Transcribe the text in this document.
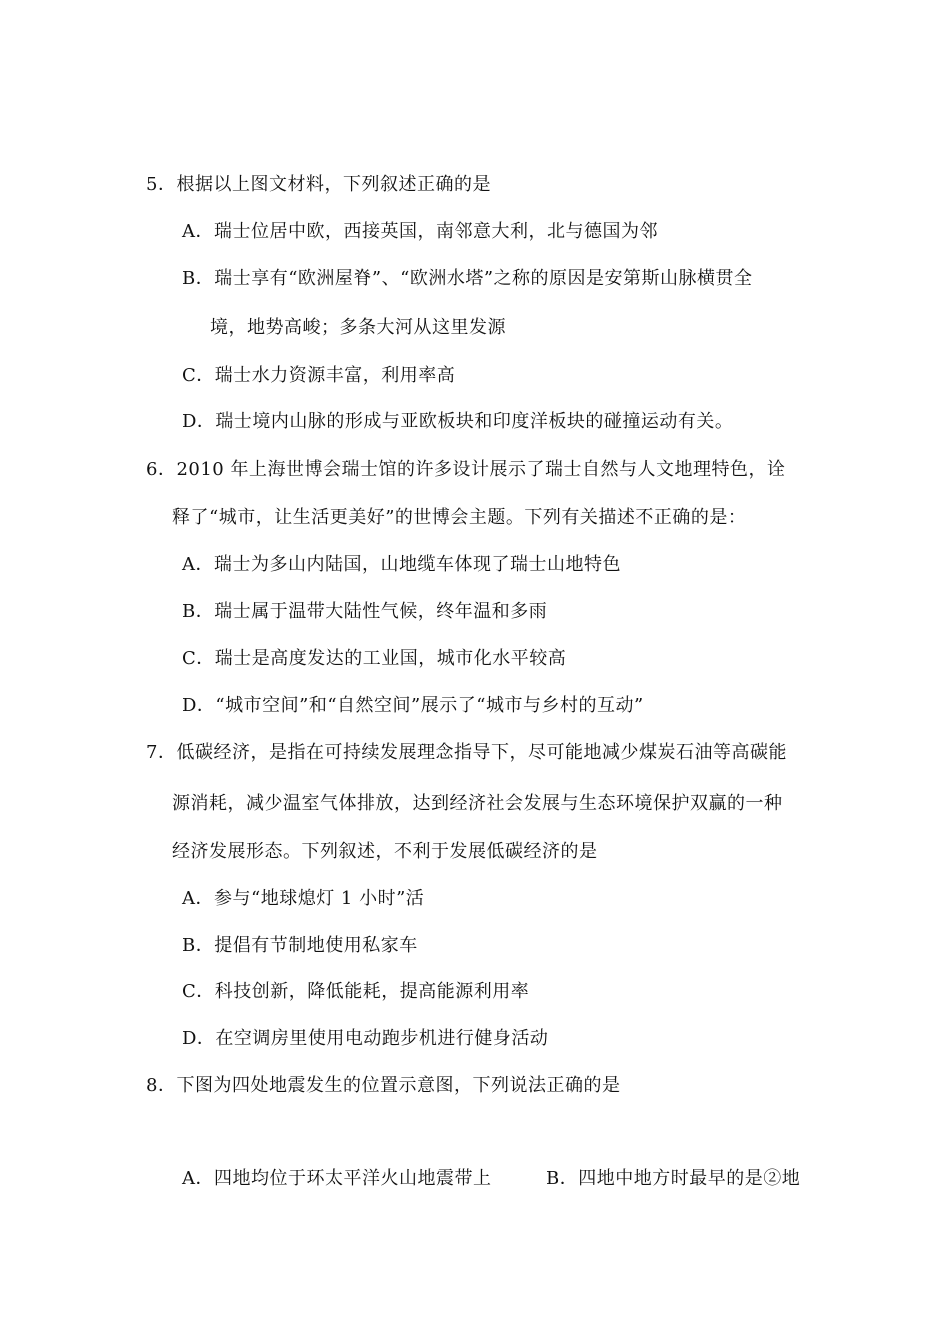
5．根据以上图文材料，下列叙述正确的是
A．瑞士位居中欧，西接英国，南邻意大利，北与德国为邻
B．瑞士享有“欧洲屋脊”、“欧洲水塔”之称的原因是安第斯山脉横贯全
境，地势高峻；多条大河从这里发源
C．瑞士水力资源丰富，利用率高
D．瑞士境内山脉的形成与亚欧板块和印度洋板块的碰撞运动有关。
6．2010 年上海世博会瑞士馆的许多设计展示了瑞士自然与人文地理特色，诠
释了“城市，让生活更美好”的世博会主题。下列有关描述不正确的是：
A．瑞士为多山内陆国，山地缆车体现了瑞士山地特色
B．瑞士属于温带大陆性气候，终年温和多雨
C．瑞士是高度发达的工业国，城市化水平较高
D．“城市空间”和“自然空间”展示了“城市与乡村的互动”
7．低碳经济，是指在可持续发展理念指导下，尽可能地减少煤炭石油等高碳能
源消耗，减少温室气体排放，达到经济社会发展与生态环境保护双赢的一种
经济发展形态。下列叙述，不利于发展低碳经济的是
A．参与“地球熄灯 1 小时”活
B．提倡有节制地使用私家车
C．科技创新，降低能耗，提高能源利用率
D．在空调房里使用电动跑步机进行健身活动
8．下图为四处地震发生的位置示意图，下列说法正确的是
A．四地均位于环太平洋火山地震带上	B．四地中地方时最早的是②地
